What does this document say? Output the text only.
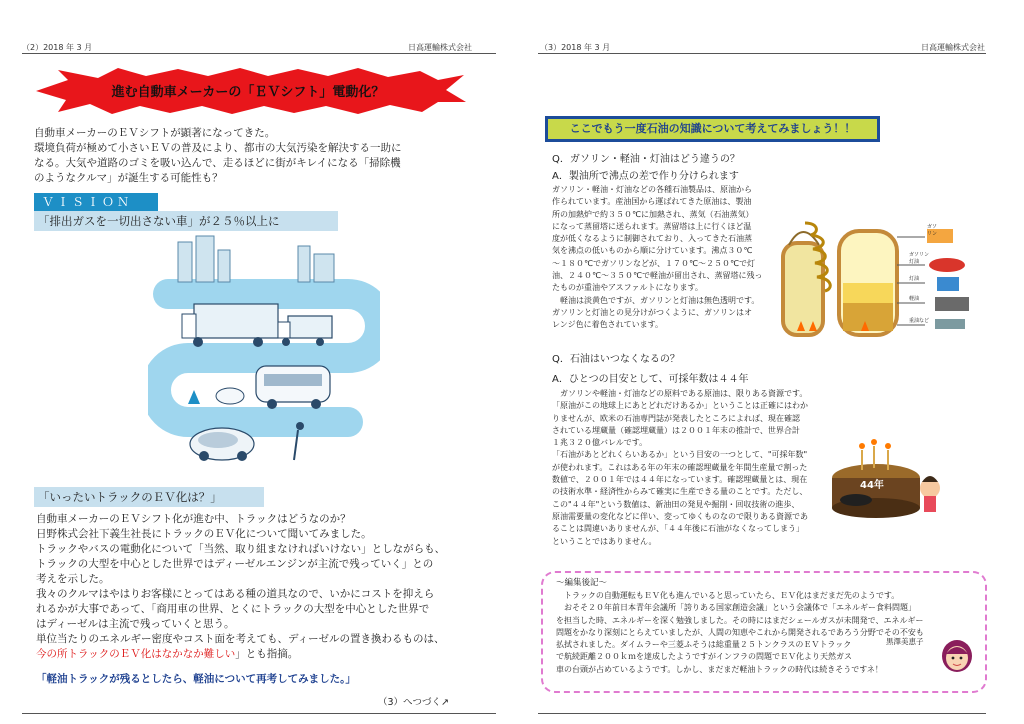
（2）2018 年 3 月	日高運輸株式会社
進む自動車メーカーの「ＥＶシフト」電動化？
自動車メーカーのＥＶシフトが顕著になってきた。
環境負荷が極めて小さいＥＶの普及により、都市の大気汚染を解決する一助に
なる。大気や道路のゴミを吸い込んで、走るほどに街がキレイになる「掃除機
のようなクルマ」が誕生する可能性も？
ＶＩＳＩＯＮ
「排出ガスを一切出さない車」が２５％以上に
「いったいトラックのＥＶ化は？」
自動車メーカーのＥＶシフト化が進む中、トラックはどうなのか？
日野株式会社下義生社長にトラックのＥＶ化について聞いてみました。
トラックやバスの電動化について「当然、取り組まなければいけない」としながらも、
トラックの大型を中心とした世界ではディーゼルエンジンが主流で残っていく」との
考えを示した。
我々のクルマはやはりお客様にとってはある種の道具なので、いかにコストを抑えら
れるかが大事であって、「商用車の世界、とくにトラックの大型を中心とした世界で
はディーゼルは主流で残っていくと思う。
単位当たりのエネルギー密度やコスト面を考えても、ディーゼルの置き換わるものは、
今の所トラックのＥＶ化はなかなか難しい」とも指摘。
「軽油トラックが残るとしたら、軽油について再考してみました。」
（3）へつづく↗
（3）2018 年 3 月	日高運輸株式会社
ここでもう一度石油の知識について考えてみましょう！！
Q．ガソリン・軽油・灯油はどう違うの？
A．製油所で沸点の差で作り分けられます
ガソリン・軽油・灯油などの各種石油製品は、原油から
作られています。産油国から運ばれてきた原油は、製油
所の加熱炉で約３５０℃に加熱され、蒸気（石油蒸気）
になって蒸留塔に送られます。蒸留塔は上に行くほど温
度が低くなるように制御されており、入ってきた石油蒸
気を沸点の低いものから順に分けています。沸点３０℃
～１８０℃でガソリンなどが、１７０℃～２５０℃で灯
油、２４０℃～３５０℃で軽油が留出され、蒸留塔に残っ
たものが重油やアスファルトになります。
　軽油は淡黄色ですが、ガソリンと灯油は無色透明です。
ガソリンと灯油との見分けがつくように、ガソリンはオ
レンジ色に着色されています。
ガソ
リン
ガソリン
灯油
灯油
軽油
重油など
Q．石油はいつなくなるの？
A．ひとつの目安として、可採年数は４４年
　ガソリンや軽油・灯油などの原料である原油は、限りある資源です。
「原油がこの地球上にあとどれだけあるか」ということは正確にはわか
りませんが、欧米の石油専門誌が発表したところによれば、現在確認
されている埋蔵量（確認埋蔵量）は２００１年末の推計で、世界合計
１兆３２０億バレルです。
「石油があとどれくらいあるか」という目安の一つとして、"可採年数"
が使われます。これはある年の年末の確認埋蔵量を年間生産量で割った
数値で、２００１年では４４年になっています。確認埋蔵量とは、現在
の技術水準・経済性からみて確実に生産できる量のことです。ただし、
この"４４年"という数値は、新油田の発見や掘削・回収技術の進歩、
原油需要量の変化などに伴い、変ってゆくものなので限りある資源であ
ることは間違いありませんが、「４４年後に石油がなくなってしまう」
ということではありません。
44年
～編集後記～
　トラックの自動運転もＥＶ化も進んでいると思っていたら、ＥＶ化はまだまだ先のようです。
　おそそ２０年前日本青年会議所「誇りある国家創造会議」という会議体で「エネルギー食料問題」
を担当した時、エネルギーを深く勉強しました。その時にはまだシェールガスが未開発で、エネルギー
問題をかなり深刻にとらえていましたが、人間の知恵やこれから開発されるであろう分野でその不安も
払拭されました。ダイムラーや三菱ふそうは総重量２５トンクラスのＥＶトラック
で航続距離２００ｋｍを達成したようですがインフラの問題でＥＶ化より天然ガス
車の台頭が占めているようです。しかし、まだまだ軽油トラックの時代は続きそうですネ！
黒澤美恵子
